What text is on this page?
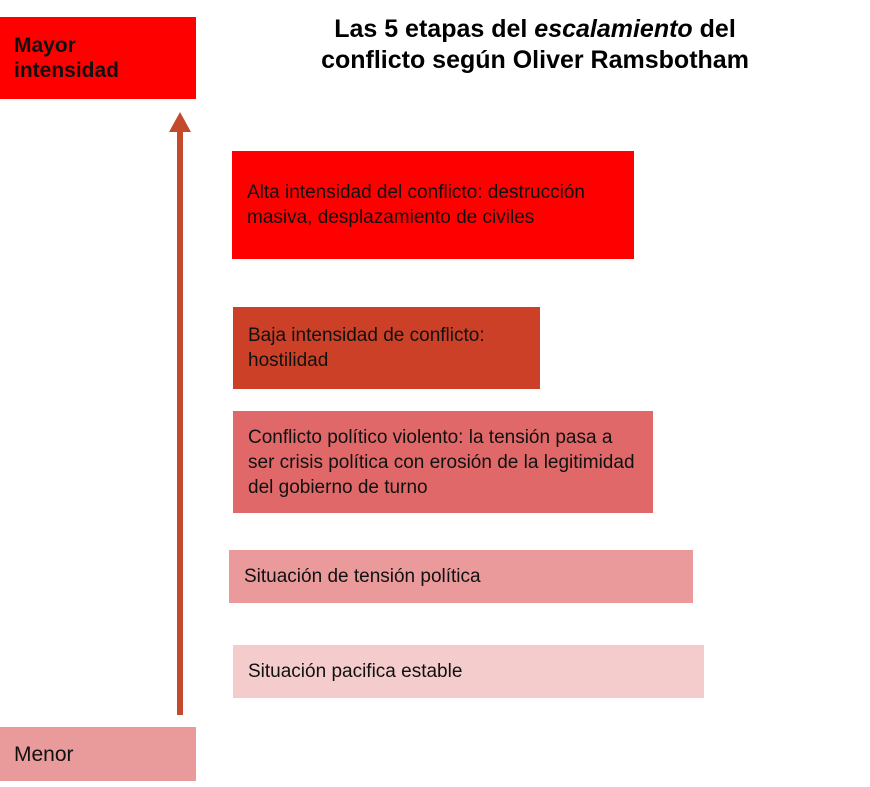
Las 5 etapas del escalamiento del
conflicto según Oliver Ramsbotham
Mayor intensidad
Menor
Alta intensidad del conflicto: destrucción masiva, desplazamiento de civiles
Baja intensidad de conflicto: hostilidad
Conflicto político violento: la tensión pasa a ser crisis política con erosión de la legitimidad del gobierno de turno
Situación de tensión política
Situación pacifica estable
